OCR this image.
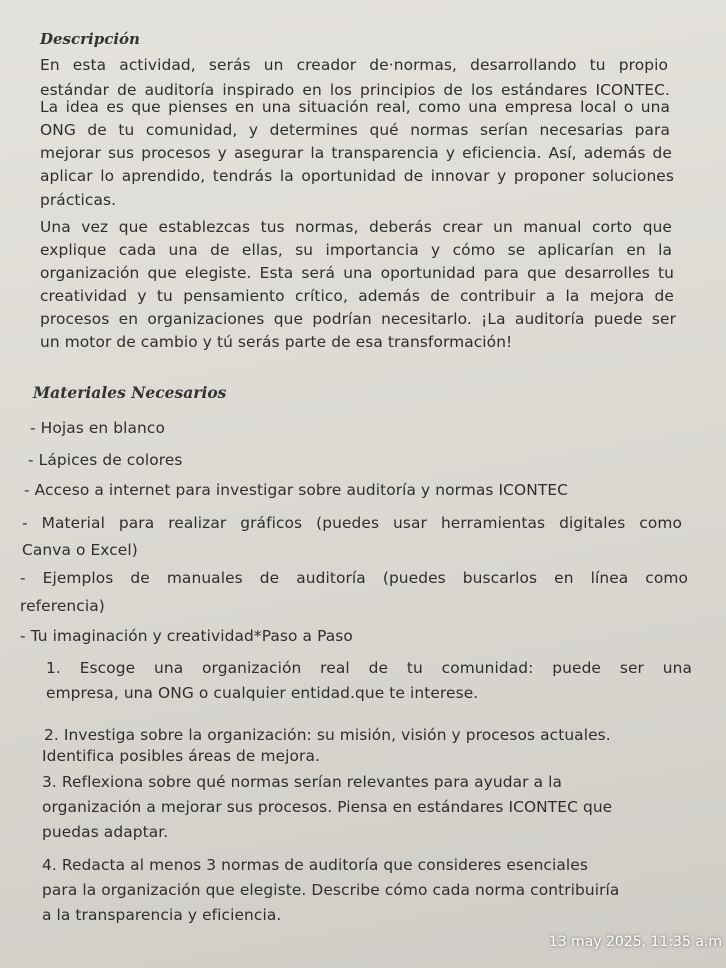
Descripción
En esta actividad, serás un creador de·normas, desarrollando tu propio
estándar de auditoría inspirado en los principios de los estándares ICONTEC.
La idea es que pienses en una situación real, como una empresa local o una
ONG de tu comunidad, y determines qué normas serían necesarias para
mejorar sus procesos y asegurar la transparencia y eficiencia. Así, además de
aplicar lo aprendido, tendrás la oportunidad de innovar y proponer soluciones
prácticas.
Una vez que establezcas tus normas, deberás crear un manual corto que
explique cada una de ellas, su importancia y cómo se aplicarían en la
organización que elegiste. Esta será una oportunidad para que desarrolles tu
creatividad y tu pensamiento crítico, además de contribuir a la mejora de
procesos en organizaciones que podrían necesitarlo. ¡La auditoría puede ser
un motor de cambio y tú serás parte de esa transformación!
Materiales Necesarios
- Hojas en blanco
- Lápices de colores
- Acceso a internet para investigar sobre auditoría y normas ICONTEC
- Material para realizar gráficos (puedes usar herramientas digitales como
Canva o Excel)
- Ejemplos de manuales de auditoría (puedes buscarlos en línea como
referencia)
- Tu imaginación y creatividad*Paso a Paso
1. Escoge una organización real de tu comunidad: puede ser una
empresa, una ONG o cualquier entidad.que te interese.
2. Investiga sobre la organización: su misión, visión y procesos actuales.
Identifica posibles áreas de mejora.
3. Reflexiona sobre qué normas serían relevantes para ayudar a la
organización a mejorar sus procesos. Piensa en estándares ICONTEC que
puedas adaptar.
4. Redacta al menos 3 normas de auditoría que consideres esenciales
para la organización que elegiste. Describe cómo cada norma contribuiría
a la transparencia y eficiencia.
13 may 2025, 11:35 a.m
